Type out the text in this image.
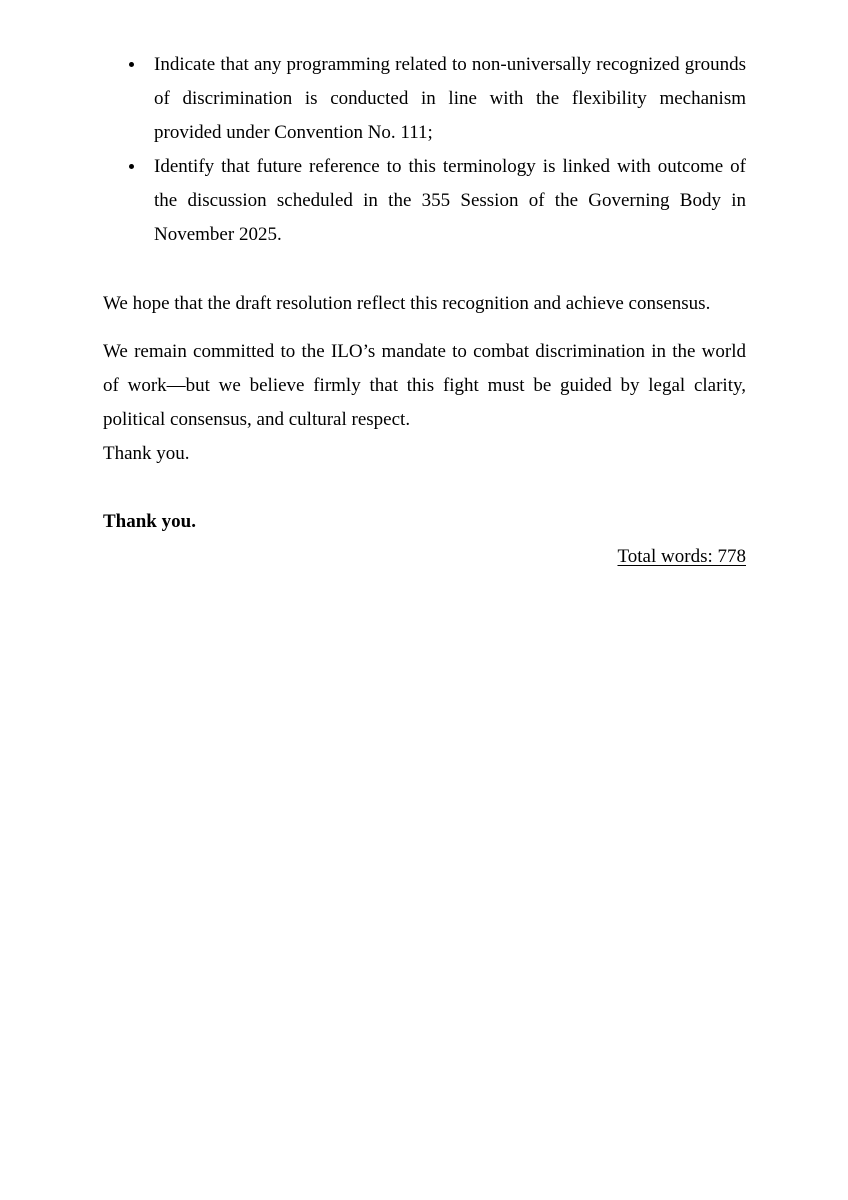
Indicate that any programming related to non-universally recognized grounds of discrimination is conducted in line with the flexibility mechanism provided under Convention No. 111;
Identify that future reference to this terminology is linked with outcome of the discussion scheduled in the 355 Session of the Governing Body in November 2025.

We hope that the draft resolution reflect this recognition and achieve consensus.

We remain committed to the ILO’s mandate to combat discrimination in the world of work—but we believe firmly that this fight must be guided by legal clarity, political consensus, and cultural respect.

Thank you.

Thank you.

Total words: 778
